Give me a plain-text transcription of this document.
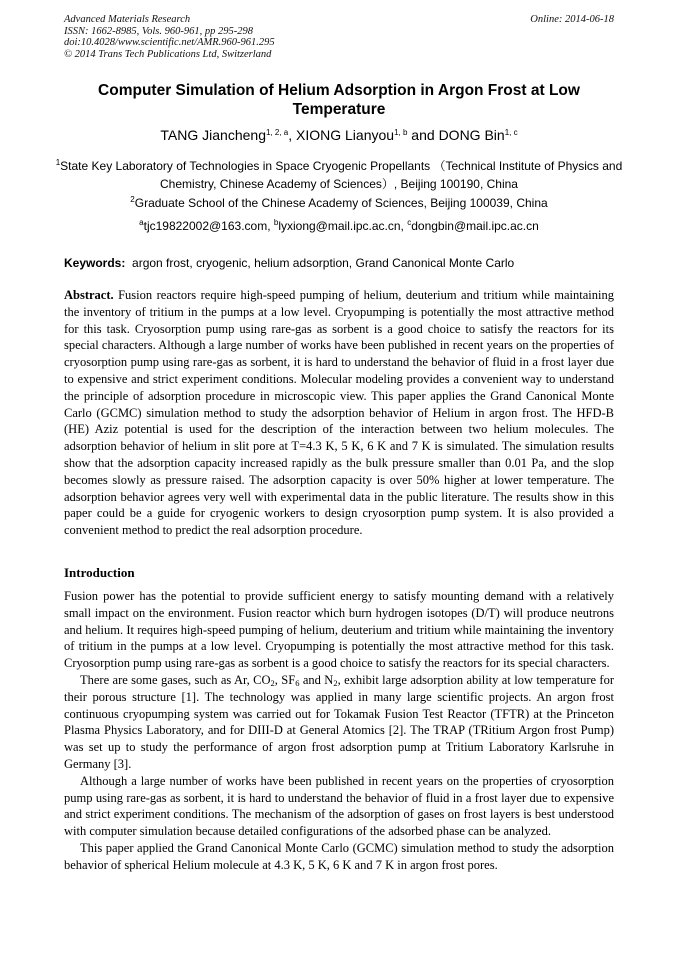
Advanced Materials Research
ISSN: 1662-8985, Vols. 960-961, pp 295-298
doi:10.4028/www.scientific.net/AMR.960-961.295
© 2014 Trans Tech Publications Ltd, Switzerland
Online: 2014-06-18
Computer Simulation of Helium Adsorption in Argon Frost at Low Temperature
TANG Jiancheng$^{1, 2, a}$, XIONG Lianyou$^{1, b}$ and DONG Bin$^{1, c}$
$^1$State Key Laboratory of Technologies in Space Cryogenic Propellants （Technical Institute of Physics and Chemistry, Chinese Academy of Sciences）, Beijing 100190, China
$^2$Graduate School of the Chinese Academy of Sciences, Beijing 100039, China
$^a$tjc19822002@163.com, $^b$lyxiong@mail.ipc.ac.cn, $^c$dongbin@mail.ipc.ac.cn
Keywords: argon frost, cryogenic, helium adsorption, Grand Canonical Monte Carlo
Abstract. Fusion reactors require high-speed pumping of helium, deuterium and tritium while maintaining the inventory of tritium in the pumps at a low level. Cryopumping is potentially the most attractive method for this task. Cryosorption pump using rare-gas as sorbent is a good choice to satisfy the reactors for its special characters. Although a large number of works have been published in recent years on the properties of cryosorption pump using rare-gas as sorbent, it is hard to understand the behavior of fluid in a frost layer due to expensive and strict experiment conditions. Molecular modeling provides a convenient way to understand the principle of adsorption procedure in microscopic view. This paper applies the Grand Canonical Monte Carlo (GCMC) simulation method to study the adsorption behavior of Helium in argon frost. The HFD-B (HE) Aziz potential is used for the description of the interaction between two helium molecules. The adsorption behavior of helium in slit pore at T=4.3 K, 5 K, 6 K and 7 K is simulated. The simulation results show that the adsorption capacity increased rapidly as the bulk pressure smaller than 0.01 Pa, and the slop becomes slowly as pressure raised. The adsorption capacity is over 50% higher at lower temperature. The adsorption behavior agrees very well with experimental data in the public literature. The results show in this paper could be a guide for cryogenic workers to design cryosorption pump system. It is also provided a convenient method to predict the real adsorption procedure.
Introduction

Fusion power has the potential to provide sufficient energy to satisfy mounting demand with a relatively small impact on the environment. Fusion reactor which burn hydrogen isotopes (D/T) will produce neutrons and helium. It requires high-speed pumping of helium, deuterium and tritium while maintaining the inventory of tritium in the pumps at a low level. Cryopumping is potentially the most attractive method for this task. Cryosorption pump using rare-gas as sorbent is a good choice to satisfy the reactors for its special characters.

There are some gases, such as Ar, $CO_2$, $SF_6$ and $N_2$, exhibit large adsorption ability at low temperature for their porous structure [1]. The technology was applied in many large scientific projects. An argon frost continuous cryopumping system was carried out for Tokamak Fusion Test Reactor (TFTR) at the Princeton Plasma Physics Laboratory, and for DIII-D at General Atomics [2]. The TRAP (TRitium Argon frost Pump) was set up to study the performance of argon frost adsorption pump at Tritium Laboratory Karlsruhe in Germany [3].

Although a large number of works have been published in recent years on the properties of cryosorption pump using rare-gas as sorbent, it is hard to understand the behavior of fluid in a frost layer due to expensive and strict experiment conditions. The mechanism of the adsorption of gases on frost layers is best understood with computer simulation because detailed configurations of the adsorbed phase can be analyzed.

This paper applied the Grand Canonical Monte Carlo (GCMC) simulation method to study the adsorption behavior of spherical Helium molecule at 4.3 K, 5 K, 6 K and 7 K in argon frost pores.
